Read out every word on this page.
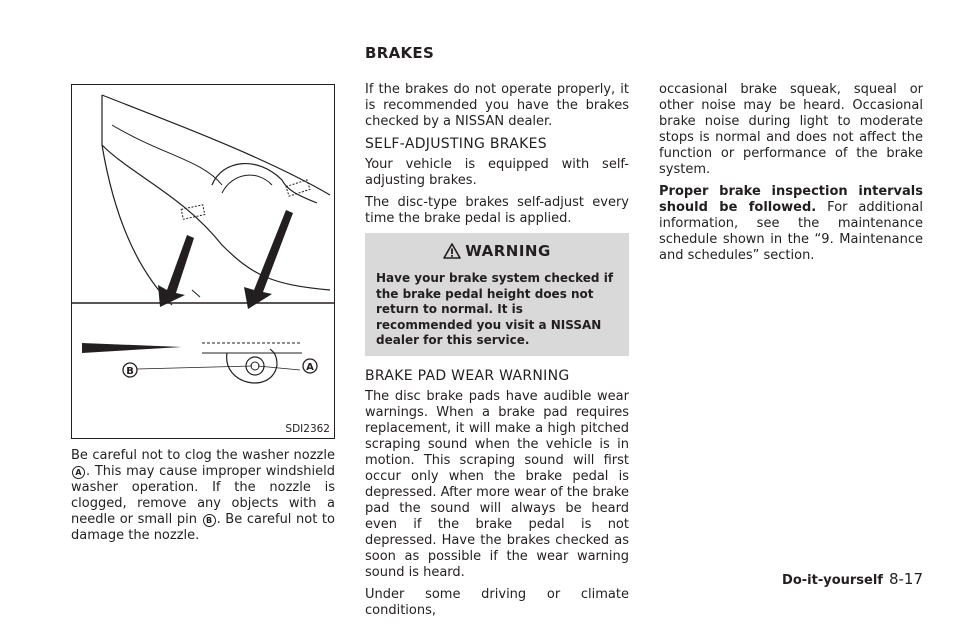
BRAKES
B	A
SDI2362

Be careful not to clog the washer nozzle A . This may cause improper windshield washer operation. If the nozzle is clogged, remove any objects with a needle or small pin B . Be careful not to damage the nozzle.

If the brakes do not operate properly, it is recommended you have the brakes checked by a NISSAN dealer.

SELF-ADJUSTING BRAKES

Your vehicle is equipped with self-adjusting brakes.

The disc-type brakes self-adjust every time the brake pedal is applied.

WARNING
Have your brake system checked if the brake pedal height does not return to normal. It is recommended you visit a NISSAN dealer for this service.
BRAKE PAD WEAR WARNING

The disc brake pads have audible wear warnings. When a brake pad requires replacement, it will make a high pitched scraping sound when the vehicle is in motion. This scraping sound will first occur only when the brake pedal is depressed. After more wear of the brake pad the sound will always be heard even if the brake pedal is not depressed. Have the brakes checked as soon as possible if the wear warning sound is heard.

Under some driving or climate conditions,

occasional brake squeak, squeal or other noise may be heard. Occasional brake noise during light to moderate stops is normal and does not affect the function or performance of the brake system.

Proper brake inspection intervals should be followed. For additional information, see the maintenance schedule shown in the “9. Maintenance and schedules” section.

Do-it-yourself 8-17
